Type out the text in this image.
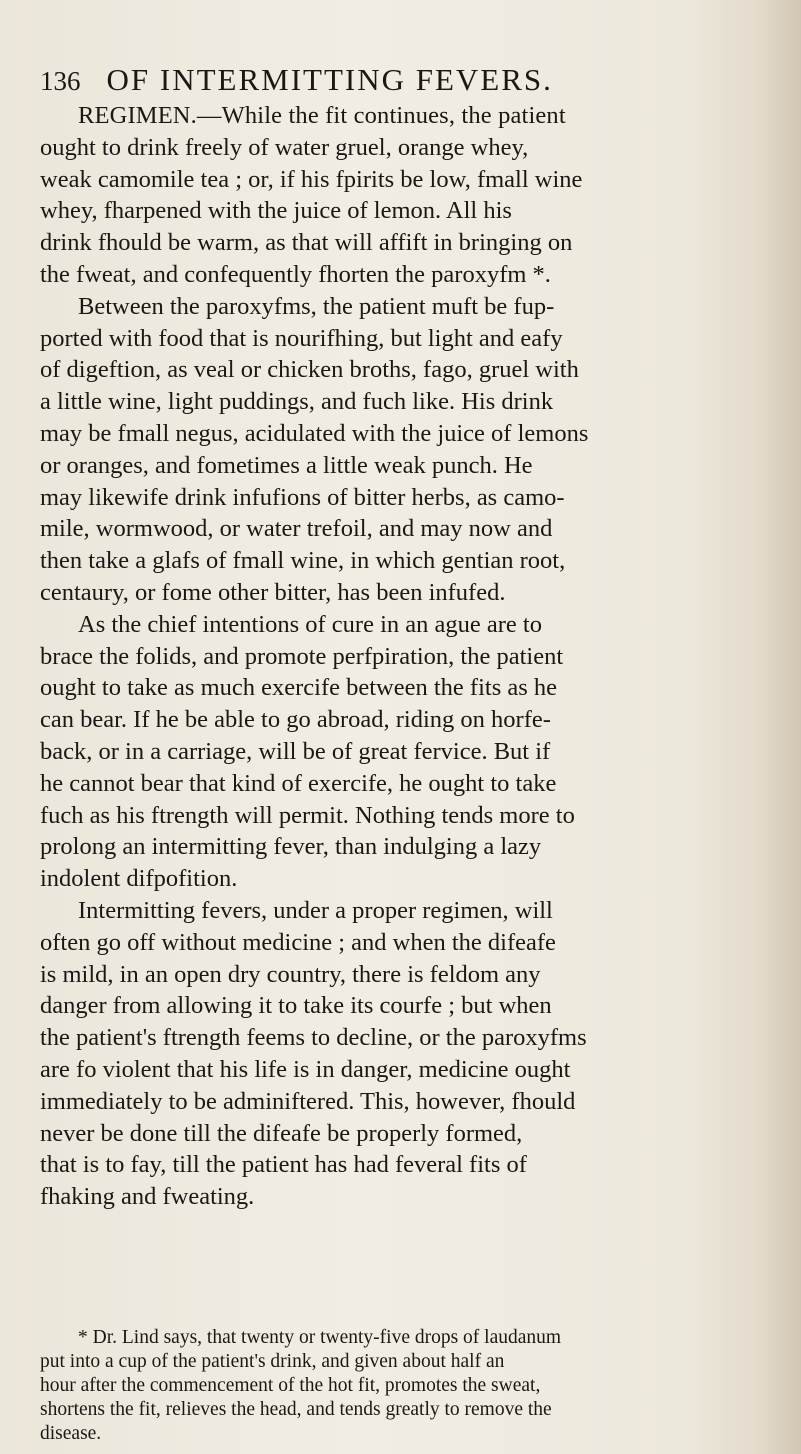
136 OF INTERMITTING FEVERS.
REGIMEN.—While the fit continues, the patient
ought to drink freely of water gruel, orange whey,
weak camomile tea ; or, if his fpirits be low, fmall wine
whey, fharpened with the juice of lemon. All his
drink fhould be warm, as that will affift in bringing on
the fweat, and confequently fhorten the paroxyfm *.
Between the paroxyfms, the patient muft be fup-
ported with food that is nourifhing, but light and eafy
of digeftion, as veal or chicken broths, fago, gruel with
a little wine, light puddings, and fuch like. His drink
may be fmall negus, acidulated with the juice of lemons
or oranges, and fometimes a little weak punch. He
may likewife drink infufions of bitter herbs, as camo-
mile, wormwood, or water trefoil, and may now and
then take a glafs of fmall wine, in which gentian root,
centaury, or fome other bitter, has been infufed.
As the chief intentions of cure in an ague are to
brace the folids, and promote perfpiration, the patient
ought to take as much exercife between the fits as he
can bear. If he be able to go abroad, riding on horfe-
back, or in a carriage, will be of great fervice. But if
he cannot bear that kind of exercife, he ought to take
fuch as his ftrength will permit. Nothing tends more to
prolong an intermitting fever, than indulging a lazy
indolent difpofition.
Intermitting fevers, under a proper regimen, will
often go off without medicine ; and when the difeafe
is mild, in an open dry country, there is feldom any
danger from allowing it to take its courfe ; but when
the patient's ftrength feems to decline, or the paroxyfms
are fo violent that his life is in danger, medicine ought
immediately to be adminiftered. This, however, fhould
never be done till the difeafe be properly formed,
that is to fay, till the patient has had feveral fits of
fhaking and fweating.
* Dr. Lind says, that twenty or twenty-five drops of laudanum
put into a cup of the patient's drink, and given about half an
hour after the commencement of the hot fit, promotes the sweat,
shortens the fit, relieves the head, and tends greatly to remove the
disease.
